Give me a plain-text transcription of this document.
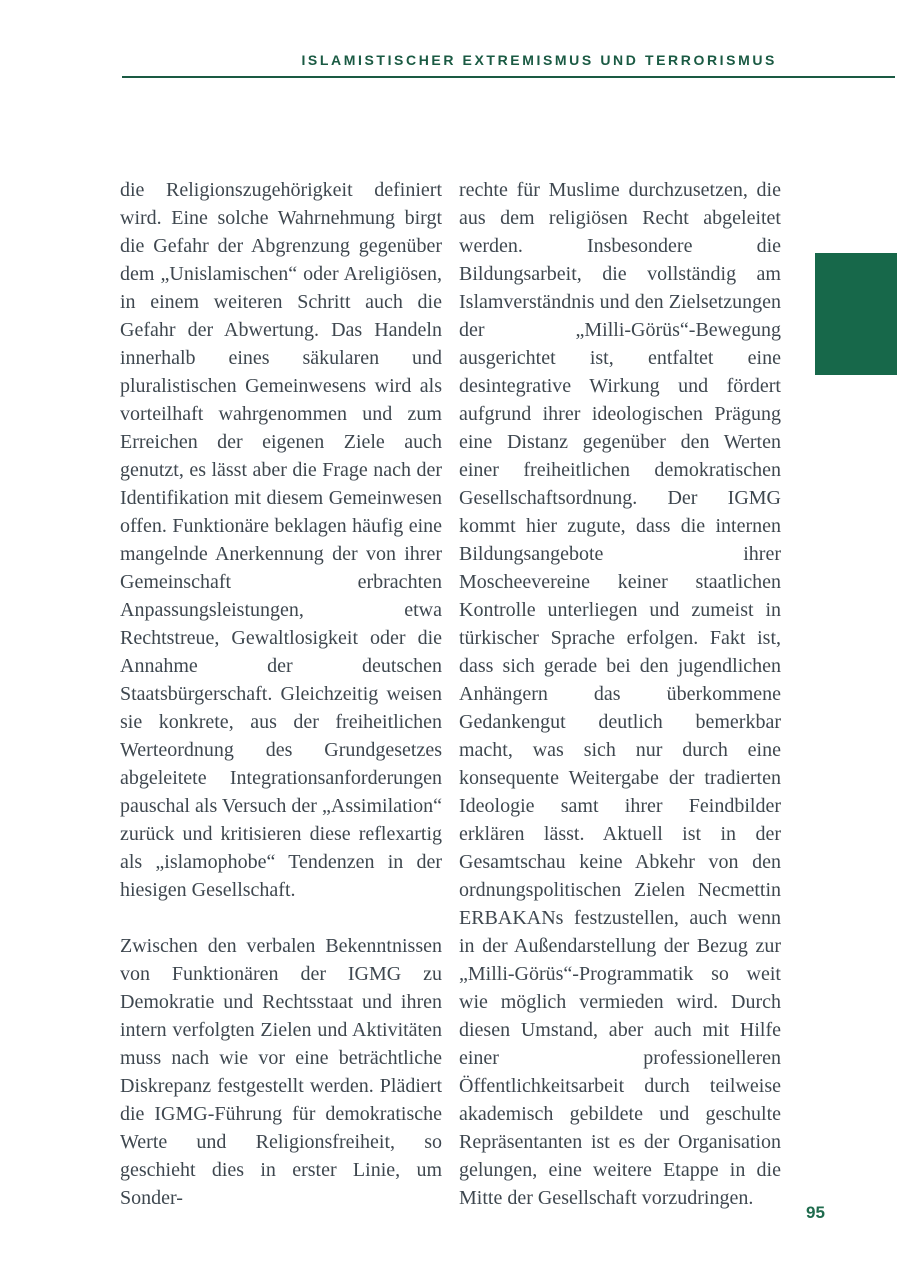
ISLAMISTISCHER EXTREMISMUS UND TERRORISMUS

die Religionszugehörigkeit definiert wird. Eine solche Wahrnehmung birgt die Gefahr der Abgrenzung gegenüber dem „Unislamischen“ oder Areligiösen, in einem weiteren Schritt auch die Gefahr der Abwertung. Das Handeln innerhalb eines säkularen und pluralistischen Gemeinwesens wird als vorteilhaft wahrgenommen und zum Erreichen der eigenen Ziele auch genutzt, es lässt aber die Frage nach der Identifikation mit diesem Gemeinwesen offen. Funktionäre beklagen häufig eine mangelnde Anerkennung der von ihrer Gemeinschaft erbrachten Anpassungsleistungen, etwa Rechtstreue, Gewaltlosigkeit oder die Annahme der deutschen Staatsbürgerschaft. Gleichzeitig weisen sie konkrete, aus der freiheitlichen Werteordnung des Grundgesetzes abgeleitete Integrationsanforderungen pauschal als Versuch der „Assimilation“ zurück und kritisieren diese reflexartig als „islamophobe“ Tendenzen in der hiesigen Gesellschaft.

Zwischen den verbalen Bekenntnissen von Funktionären der IGMG zu Demokratie und Rechtsstaat und ihren intern verfolgten Zielen und Aktivitäten muss nach wie vor eine beträchtliche Diskrepanz festgestellt werden. Plädiert die IGMG-Führung für demokratische Werte und Religionsfreiheit, so geschieht dies in erster Linie, um Sonder-

rechte für Muslime durchzusetzen, die aus dem religiösen Recht abgeleitet werden. Insbesondere die Bildungsarbeit, die vollständig am Islamverständnis und den Zielsetzungen der „Milli-Görüs“-Bewegung ausgerichtet ist, entfaltet eine desintegrative Wirkung und fördert aufgrund ihrer ideologischen Prägung eine Distanz gegenüber den Werten einer freiheitlichen demokratischen Gesellschaftsordnung. Der IGMG kommt hier zugute, dass die internen Bildungsangebote ihrer Moscheevereine keiner staatlichen Kontrolle unterliegen und zumeist in türkischer Sprache erfolgen. Fakt ist, dass sich gerade bei den jugendlichen Anhängern das überkommene Gedankengut deutlich bemerkbar macht, was sich nur durch eine konsequente Weitergabe der tradierten Ideologie samt ihrer Feindbilder erklären lässt. Aktuell ist in der Gesamtschau keine Abkehr von den ordnungspolitischen Zielen Necmettin ERBAKANs festzustellen, auch wenn in der Außendarstellung der Bezug zur „Milli-Görüs“-Programmatik so weit wie möglich vermieden wird. Durch diesen Umstand, aber auch mit Hilfe einer professionelleren Öffentlichkeitsarbeit durch teilweise akademisch gebildete und geschulte Repräsentanten ist es der Organisation gelungen, eine weitere Etappe in die Mitte der Gesellschaft vorzudringen.

95
